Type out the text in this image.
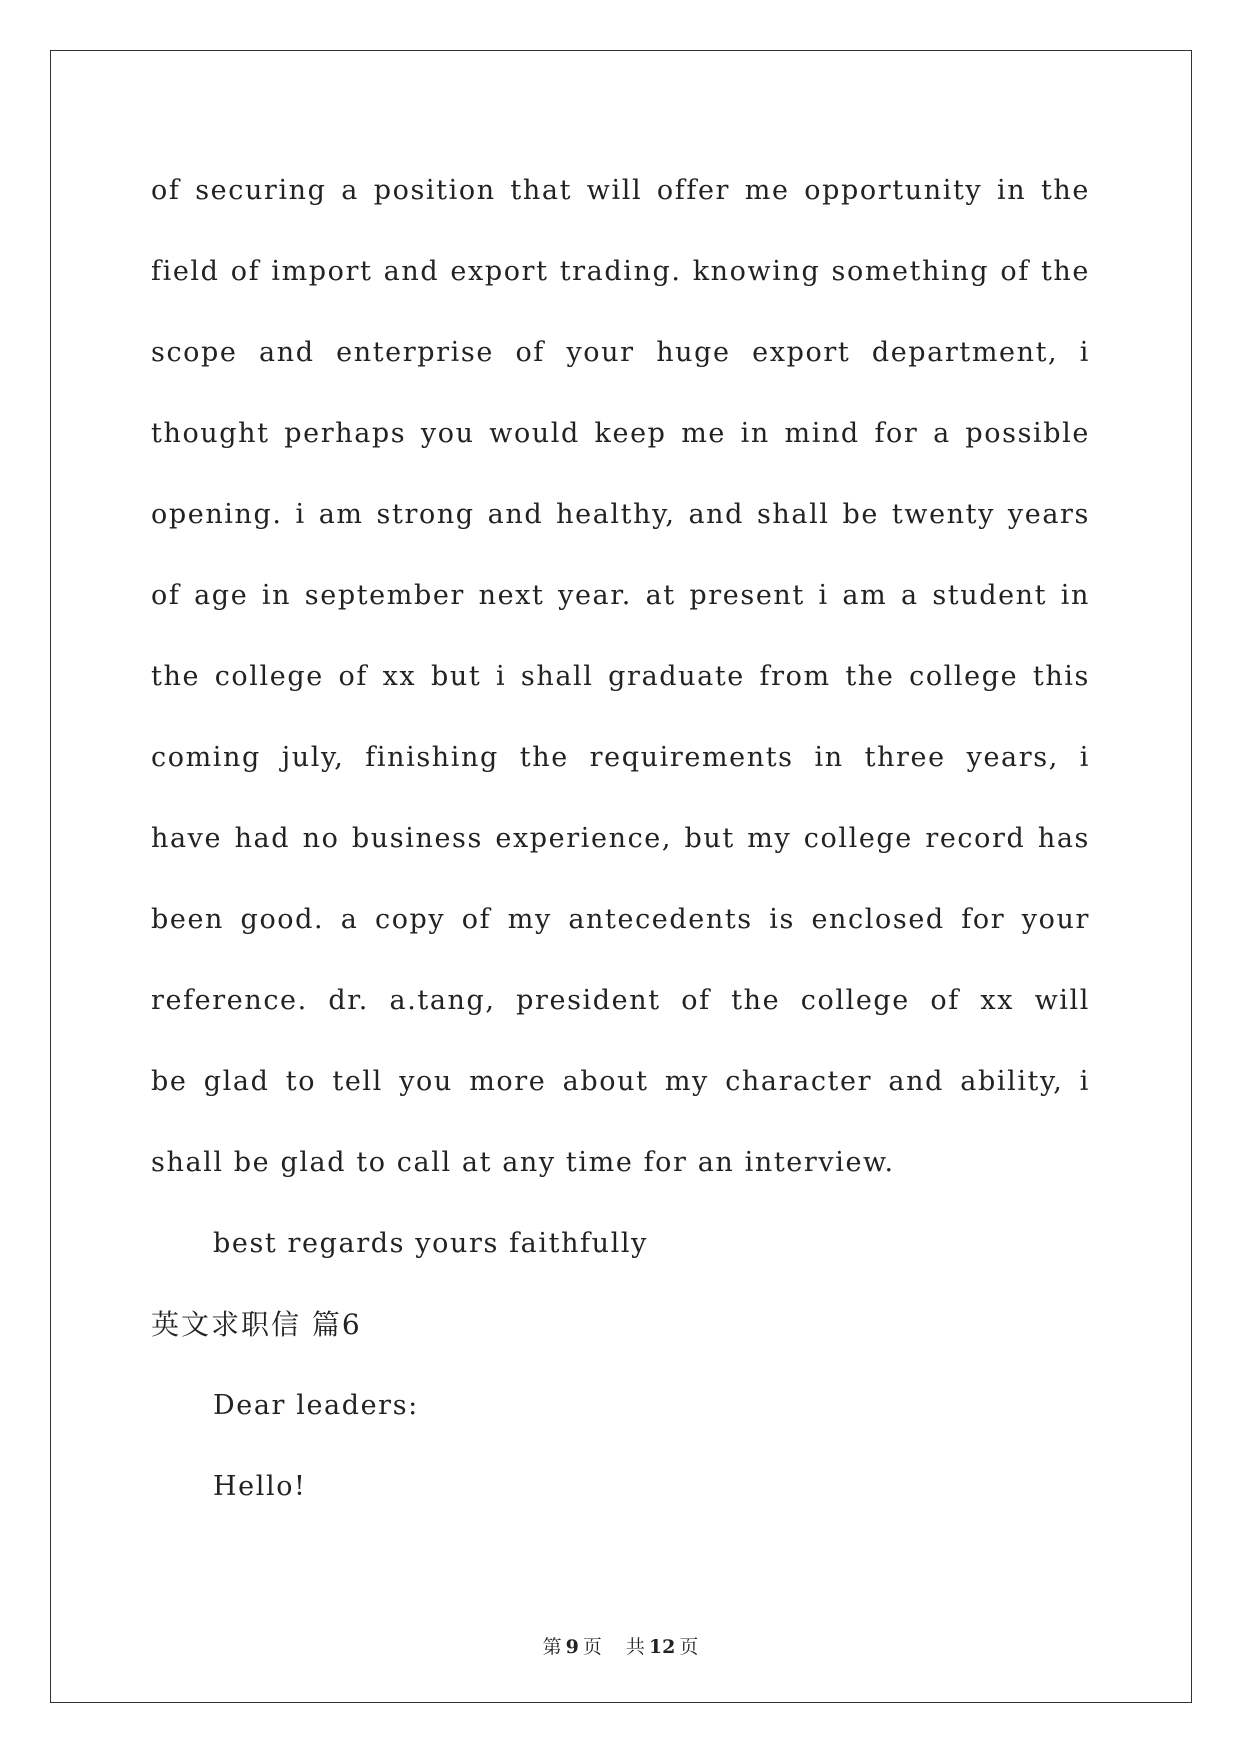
of securing a position that will offer me opportunity in the
field of import and export trading. knowing something of the
scope and enterprise of your huge export department, i
thought perhaps you would keep me in mind for a possible
opening. i am strong and healthy, and shall be twenty years
of age in september next year. at present i am a student in
the college of xx but i shall graduate from the college this
coming july, finishing the requirements in three years, i
have had no business experience, but my college record has
been good. a copy of my antecedents is enclosed for your
reference. dr. a.tang, president of the college of xx will
be glad to tell you more about my character and ability, i
shall be glad to call at any time for an interview.
best regards yours faithfully
英文求职信 篇6
Dear leaders:
Hello!
第 9 页 共 12 页
